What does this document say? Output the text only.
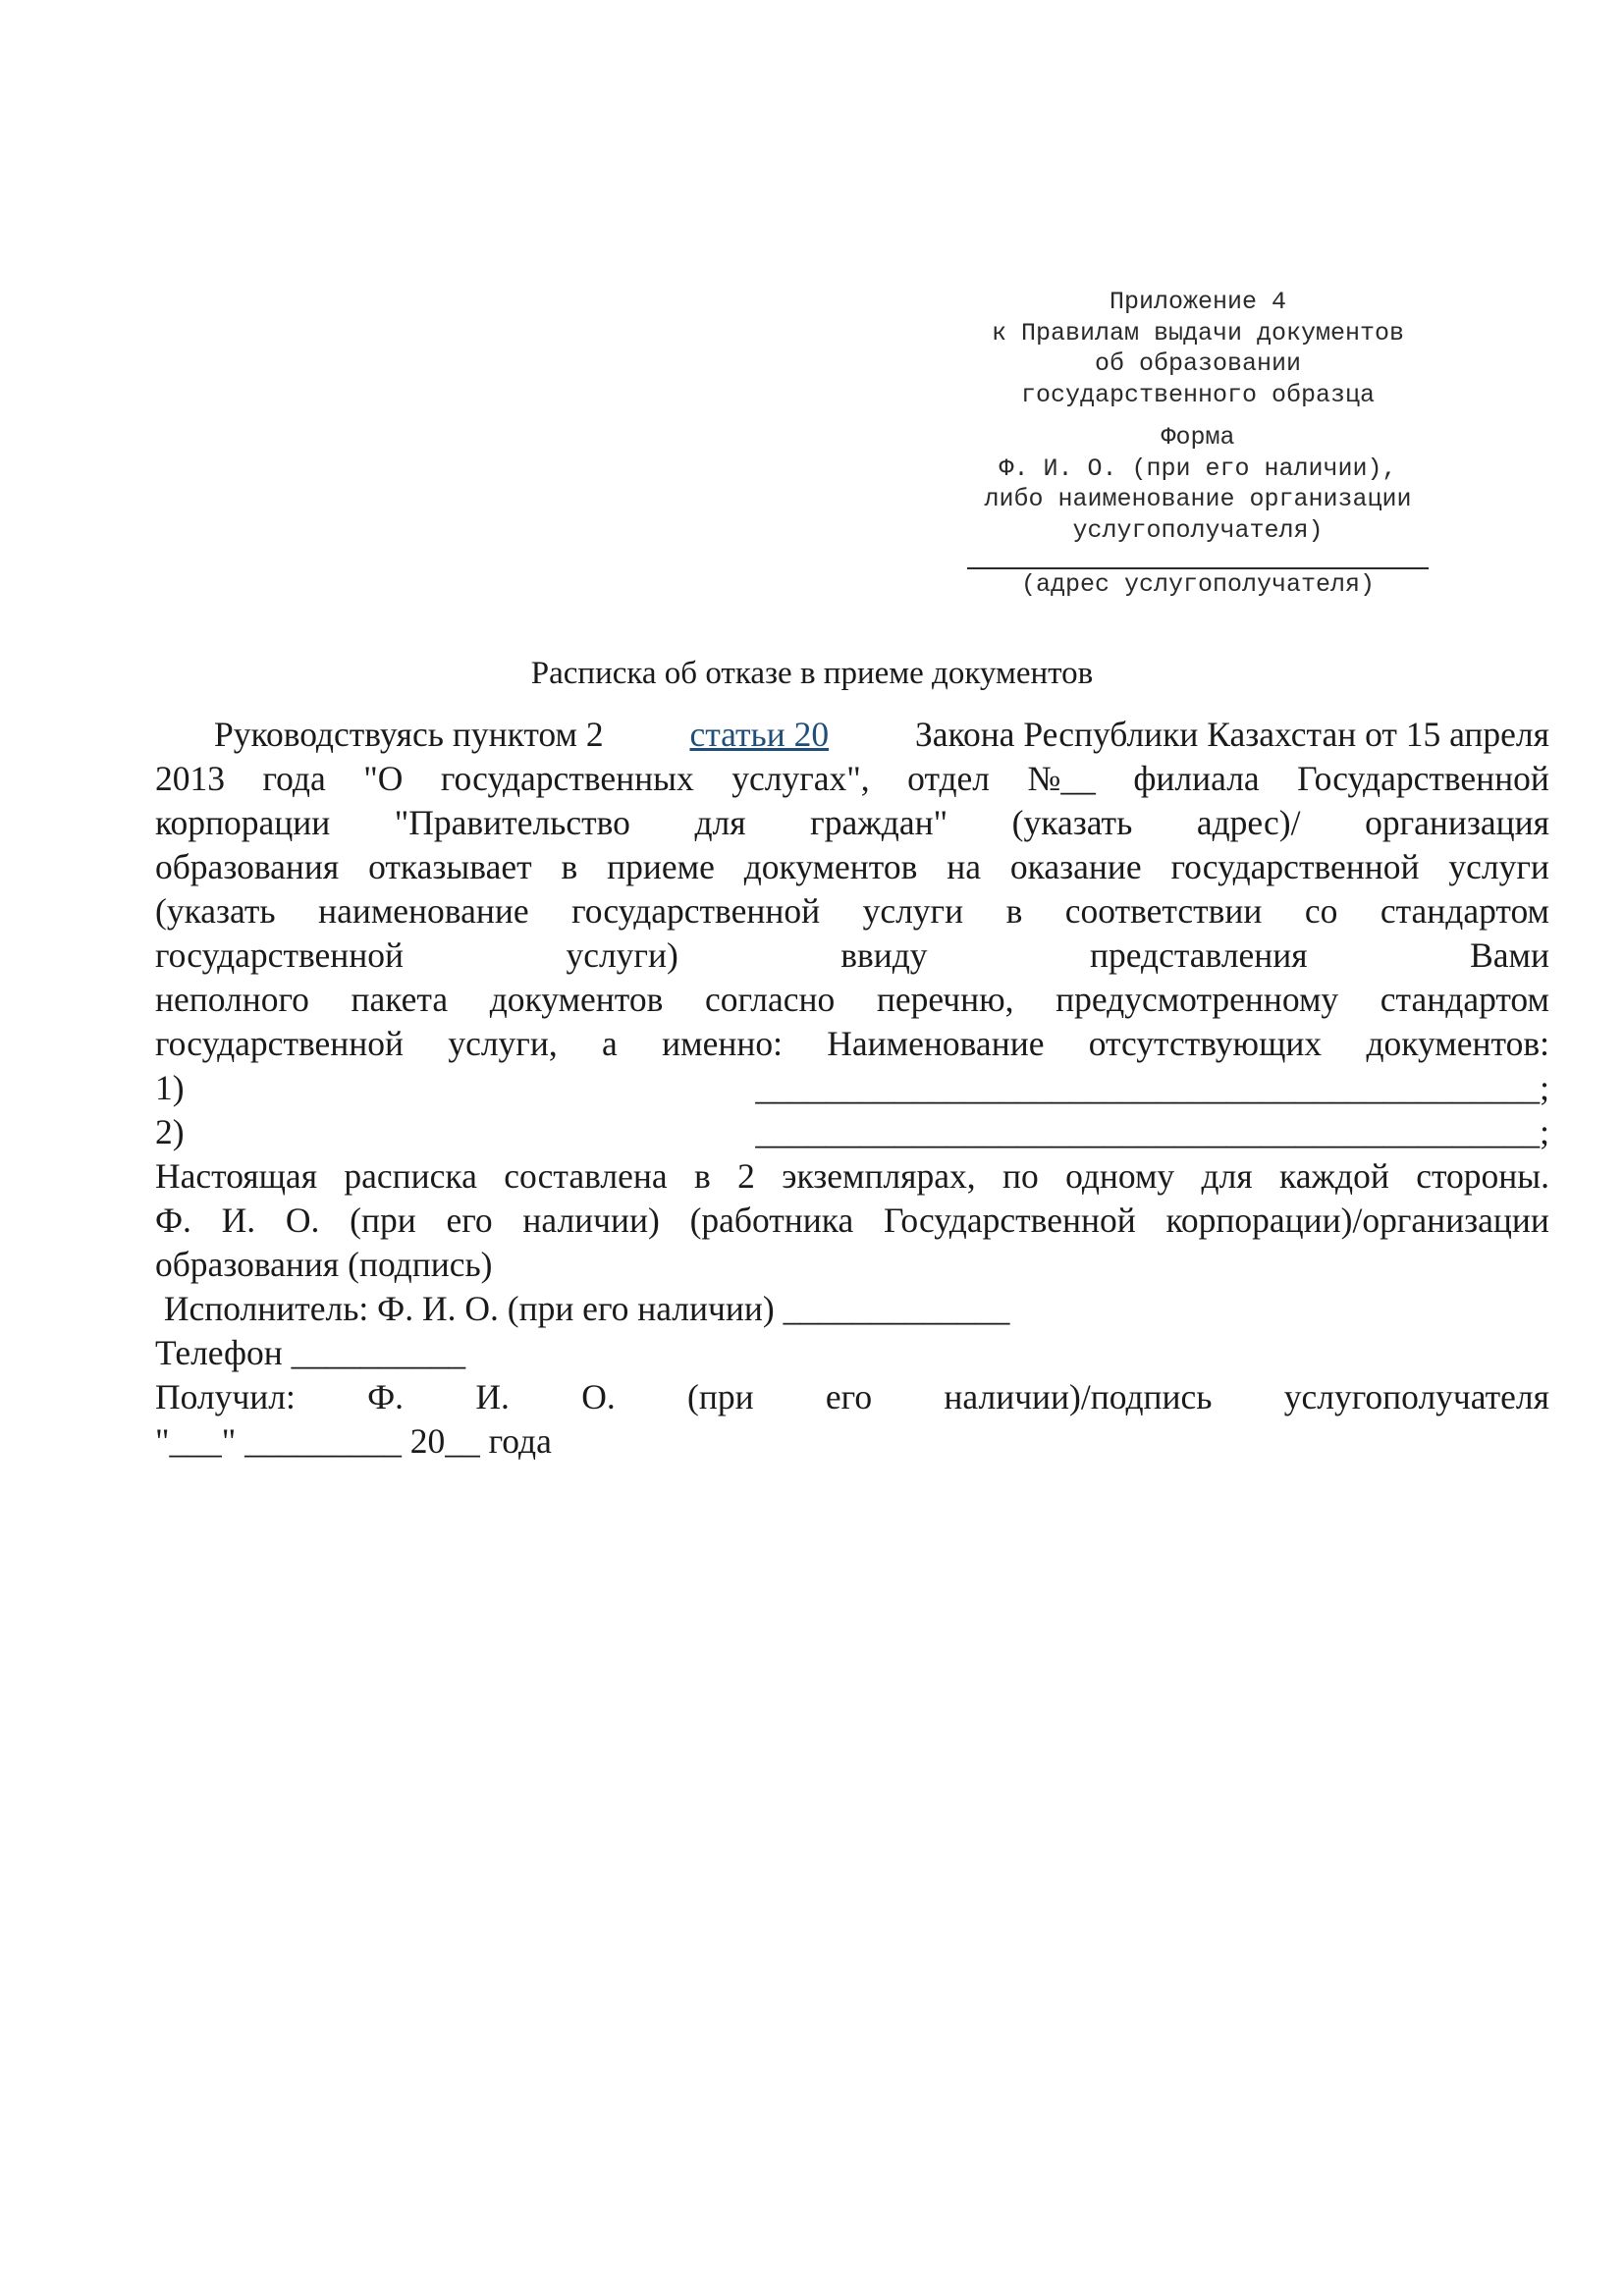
Приложение 4
к Правилам выдачи документов
об образовании
государственного образца
Форма
Ф. И. О. (при его наличии),
либо наименование организации
услугополучателя)
(адрес услугополучателя)
Расписка об отказе в приеме документов
Руководствуясь пунктом 2 статьи 20 Закона Республики Казахстан от 15 апреля
2013 года "О государственных услугах", отдел №__ филиала Государственной
корпорации "Правительство для граждан" (указать адрес)/ организация
образования отказывает в приеме документов на оказание государственной услуги
(указать наименование государственной услуги в соответствии со стандартом
государственной	услуги)	ввиду	представления	Вами
неполного пакета документов согласно перечню, предусмотренному стандартом
государственной услуги, а именно: Наименование отсутствующих документов:
1)	_____________________________________________;
2)	_____________________________________________;
Настоящая расписка составлена в 2 экземплярах, по одному для каждой стороны.
Ф. И. О. (при его наличии) (работника Государственной корпорации)/организации
образования (подпись)
Исполнитель: Ф. И. О. (при его наличии) _____________
Телефон __________
Получил: Ф. И. О. (при его наличии)/подпись услугополучателя
"___" _________ 20__ года
